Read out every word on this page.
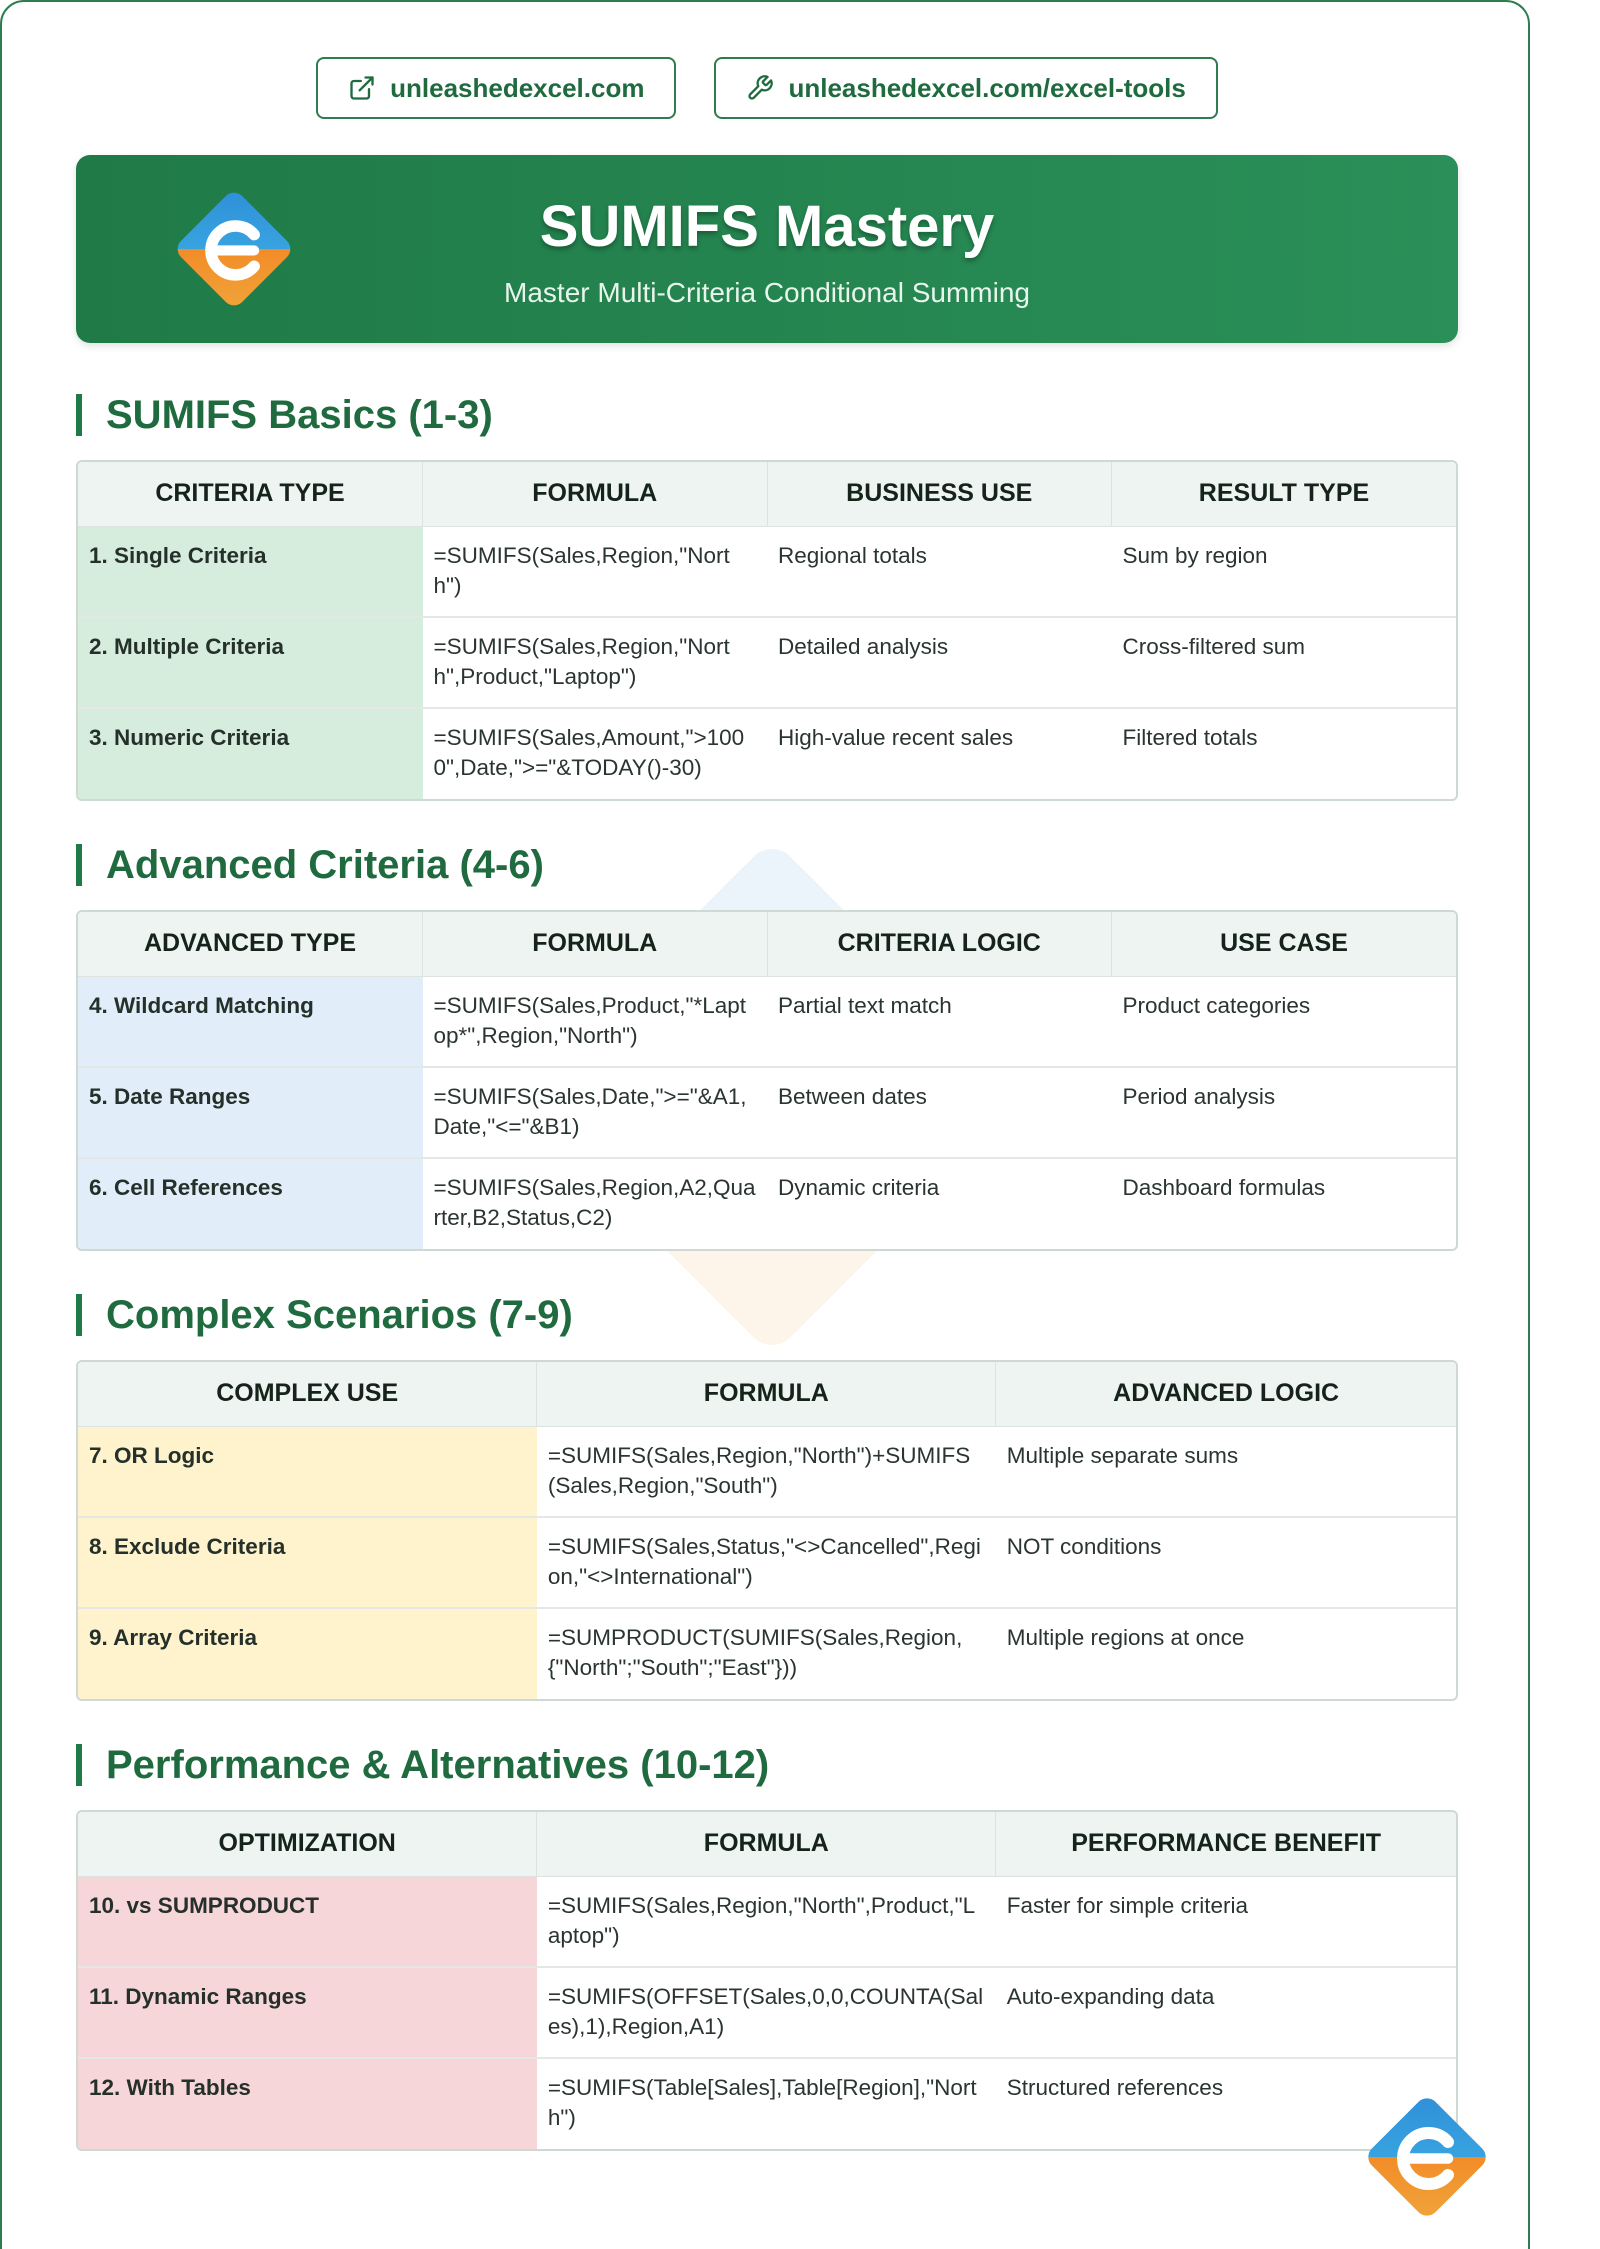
unleashedexcel.com	unleashedexcel.com/excel-tools
SUMIFS Mastery
Master Multi-Criteria Conditional Summing
SUMIFS Basics (1-3)
CRITERIA TYPE	FORMULA	BUSINESS USE	RESULT TYPE
1. Single Criteria	=SUMIFS(Sales,Region,"North")	Regional totals	Sum by region
2. Multiple Criteria	=SUMIFS(Sales,Region,"North",Product,"Laptop")	Detailed analysis	Cross-filtered sum
3. Numeric Criteria	=SUMIFS(Sales,Amount,">1000",Date,">="&TODAY()-30)	High-value recent sales	Filtered totals
Advanced Criteria (4-6)
ADVANCED TYPE	FORMULA	CRITERIA LOGIC	USE CASE
4. Wildcard Matching	=SUMIFS(Sales,Product,"*Laptop*",Region,"North")	Partial text match	Product categories
5. Date Ranges	=SUMIFS(Sales,Date,">="&A1,Date,"<="&B1)	Between dates	Period analysis
6. Cell References	=SUMIFS(Sales,Region,A2,Quarter,B2,Status,C2)	Dynamic criteria	Dashboard formulas
Complex Scenarios (7-9)
COMPLEX USE	FORMULA	ADVANCED LOGIC
7. OR Logic	=SUMIFS(Sales,Region,"North")+SUMIFS(Sales,Region,"South")	Multiple separate sums
8. Exclude Criteria	=SUMIFS(Sales,Status,"<>Cancelled",Region,"<>International")	NOT conditions
9. Array Criteria	=SUMPRODUCT(SUMIFS(Sales,Region,{"North";"South";"East"}))	Multiple regions at once
Performance & Alternatives (10-12)
OPTIMIZATION	FORMULA	PERFORMANCE BENEFIT
10. vs SUMPRODUCT	=SUMIFS(Sales,Region,"North",Product,"Laptop")	Faster for simple criteria
11. Dynamic Ranges	=SUMIFS(OFFSET(Sales,0,0,COUNTA(Sales),1),Region,A1)	Auto-expanding data
12. With Tables	=SUMIFS(Table[Sales],Table[Region],"North")	Structured references
